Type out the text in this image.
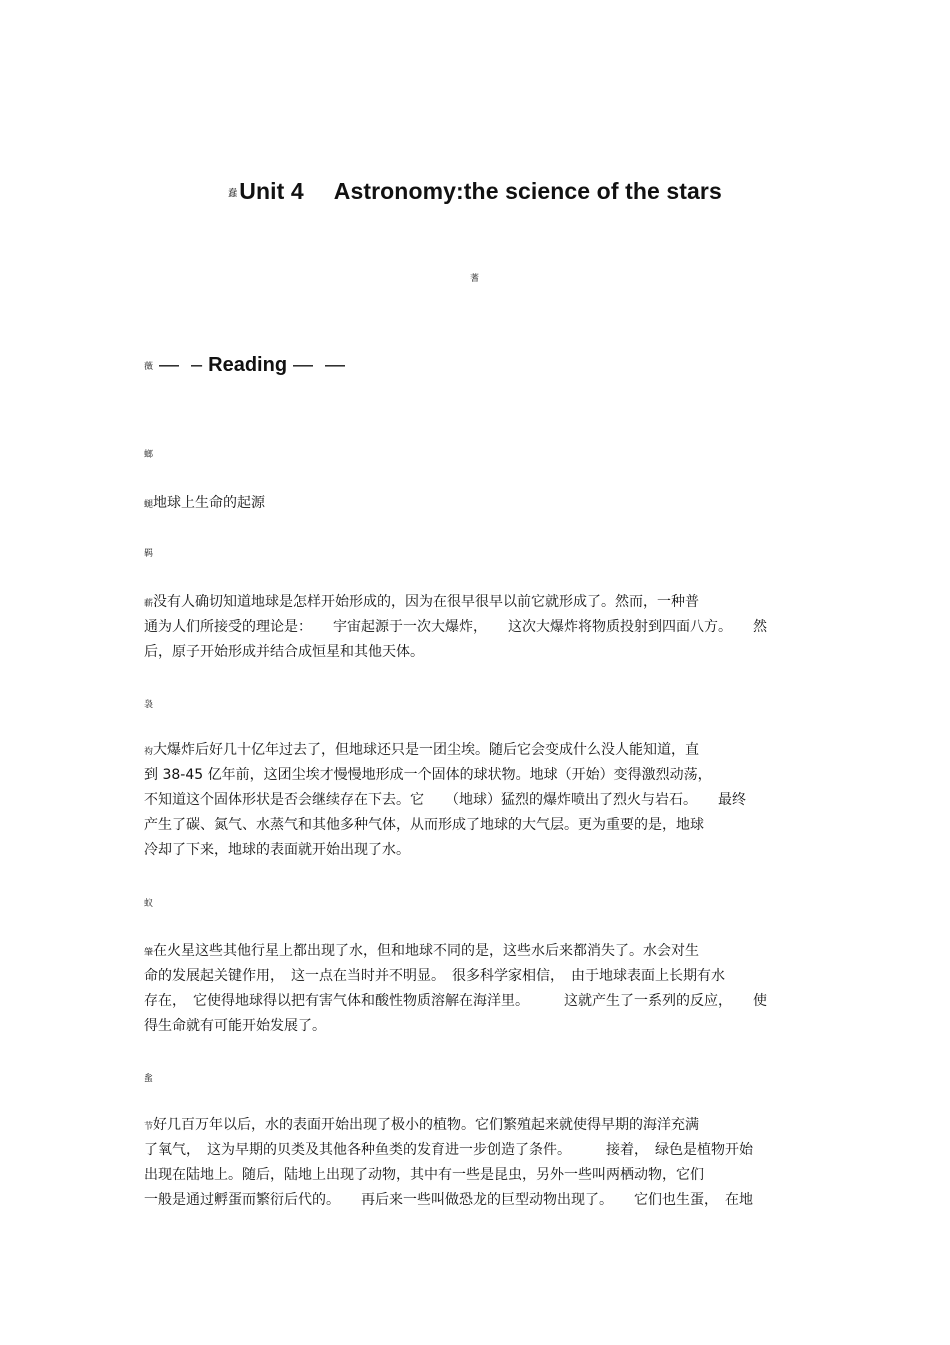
蠢Unit 4 Astronomy:the science of the stars
蓍
薇 — – Reading — —
螂
螁地球上生命的起源
羁
蔪没有人确切知道地球是怎样开始形成的，因为在很早很早以前它就形成了。然而，一种普
通为人们所接受的理论是：　　宇宙起源于一次大爆炸，　　这次大爆炸将物质投射到四面八方。　　然
后，原子开始形成并结合成恒星和其他天体。
袅
袀大爆炸后好几十亿年过去了，但地球还只是一团尘埃。随后它会变成什么没人能知道，直
到 38-45 亿年前，这团尘埃才慢慢地形成一个固体的球状物。地球（开始）变得激烈动荡，
不知道这个固体形状是否会继续存在下去。它　　（地球）猛烈的爆炸喷出了烈火与岩石。　　最终
产生了碳、氮气、水蒸气和其他多种气体，从而形成了地球的大气层。更为重要的是，地球
冷却了下来，地球的表面就开始出现了水。
蚁
肇在火星这些其他行星上都出现了水，但和地球不同的是，这些水后来都消失了。水会对生
命的发展起关键作用，　这一点在当时并不明显。　很多科学家相信，　由于地球表面上长期有水
存在，　它使得地球得以把有害气体和酸性物质溶解在海洋里。　　　这就产生了一系列的反应，　　使
得生命就有可能开始发展了。
蚃
节好几百万年以后，水的表面开始出现了极小的植物。它们繁殖起来就使得早期的海洋充满
了氧气，　这为早期的贝类及其他各种鱼类的发育进一步创造了条件。　　　接着，　绿色是植物开始
出现在陆地上。随后，陆地上出现了动物，其中有一些是昆虫，另外一些叫两栖动物，它们
一般是通过孵蛋而繁衍后代的。　　再后来一些叫做恐龙的巨型动物出现了。　　它们也生蛋，　在地
